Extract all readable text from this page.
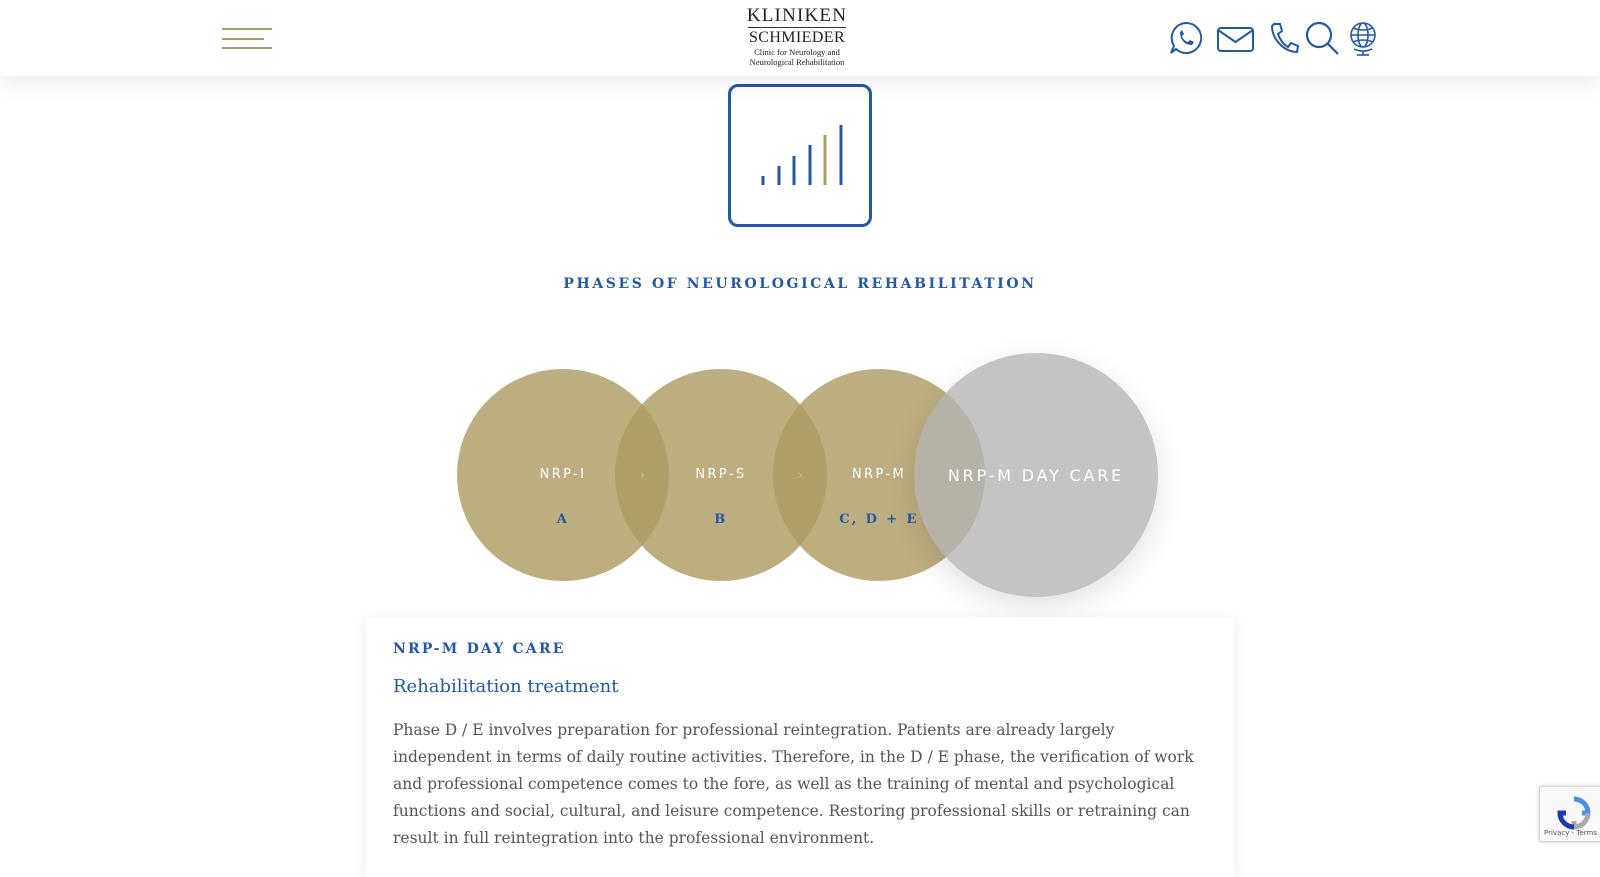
KLINIKEN
SCHMIEDER
Clinic for Neurology and
Neurological Rehabilitation
PHASES OF NEUROLOGICAL REHABILITATION
NRP-I
A
NRP-S
B
NRP-M
C, D + E
NRP-M DAY CARE
›	›
NRP-M DAY CARE
Rehabilitation treatment
Phase D / E involves preparation for professional reintegration. Patients are already largely independent in terms of daily routine activities. Therefore, in the D / E phase, the verification of work and professional competence comes to the fore, as well as the training of mental and psychological functions and social, cultural, and leisure competence. Restoring professional skills or retraining can result in full reintegration into the professional environment.	Privacy - Terms
